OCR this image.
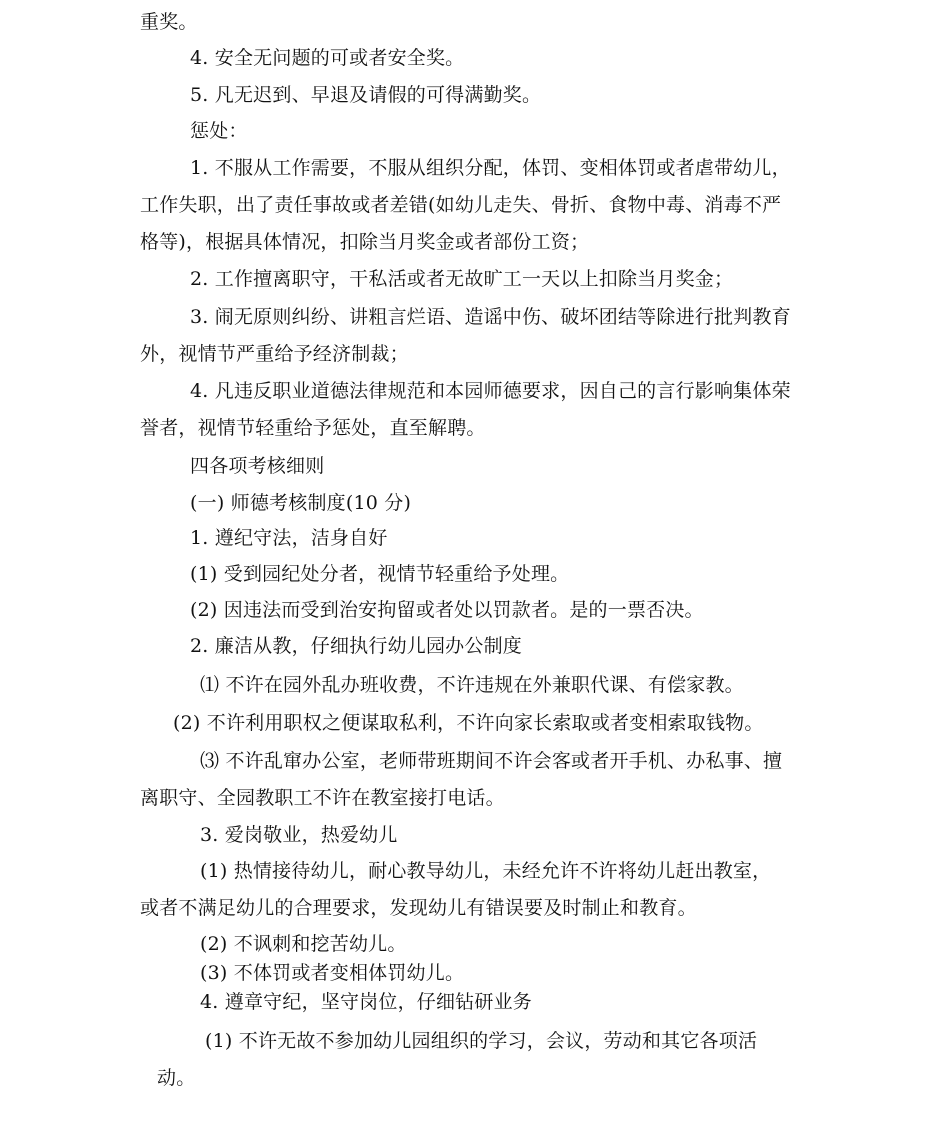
重奖。
4. 安全无问题的可或者安全奖。
5. 凡无迟到、早退及请假的可得满勤奖。
惩处：
1. 不服从工作需要，不服从组织分配，体罚、变相体罚或者虐带幼儿，
工作失职，出了责任事故或者差错(如幼儿走失、骨折、食物中毒、消毒不严
格等)，根据具体情况，扣除当月奖金或者部份工资；
2. 工作擅离职守，干私活或者无故旷工一天以上扣除当月奖金；
3. 闹无原则纠纷、讲粗言烂语、造谣中伤、破坏团结等除进行批判教育
外，视情节严重给予经济制裁；
4. 凡违反职业道德法律规范和本园师德要求，因自己的言行影响集体荣
誉者，视情节轻重给予惩处，直至解聘。
四各项考核细则
(一) 师德考核制度(10 分)
1. 遵纪守法，洁身自好
(1) 受到园纪处分者，视情节轻重给予处理。
(2) 因违法而受到治安拘留或者处以罚款者。是的一票否决。
2. 廉洁从教，仔细执行幼儿园办公制度
⑴ 不许在园外乱办班收费，不许违规在外兼职代课、有偿家教。
(2) 不许利用职权之便谋取私利，不许向家长索取或者变相索取钱物。
⑶ 不许乱窜办公室，老师带班期间不许会客或者开手机、办私事、擅
离职守、全园教职工不许在教室接打电话。
3. 爱岗敬业，热爱幼儿
(1) 热情接待幼儿，耐心教导幼儿，未经允许不许将幼儿赶出教室，
或者不满足幼儿的合理要求，发现幼儿有错误要及时制止和教育。
(2) 不讽刺和挖苦幼儿。
(3) 不体罚或者变相体罚幼儿。
4. 遵章守纪，坚守岗位，仔细钻研业务
(1) 不许无故不参加幼儿园组织的学习，会议，劳动和其它各项活
动。
